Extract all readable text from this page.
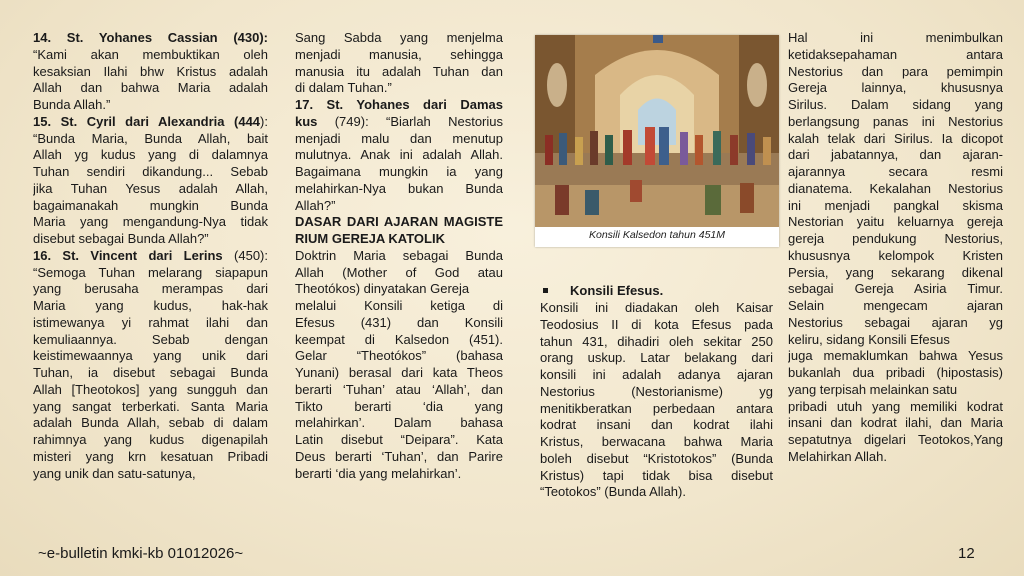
14. St. Yohanes Cassian (430):
“Kami akan membuktikan oleh
kesaksian Ilahi bhw Kristus adalah
Allah dan bahwa Maria adalah
Bunda Allah.”
15. St. Cyril dari Alexandria (444):
“Bunda Maria, Bunda Allah, bait
Allah yg kudus yang di dalamnya
Tuhan sendiri dikandung... Sebab
jika Tuhan Yesus adalah Allah,
bagaimanakah mungkin Bunda
Maria yang mengandung-Nya tidak
disebut sebagai Bunda Allah?”
16. St. Vincent dari Lerins (450):
“Semoga Tuhan melarang siapapun
yang berusaha merampas dari
Maria yang kudus, hak-hak
istimewanya yi rahmat ilahi dan
kemuliaannya. Sebab dengan
keistimewaannya yang unik dari
Tuhan, ia disebut sebagai Bunda
Allah [Theotokos] yang sungguh dan
yang sangat terberkati. Santa Maria
adalah Bunda Allah, sebab di dalam
rahimnya yang kudus digenapilah
misteri yang krn kesatuan Pribadi
yang unik dan satu-satunya,
Sang Sabda yang menjelma
menjadi manusia, sehingga
manusia itu adalah Tuhan dan
di dalam Tuhan.”
17. St. Yohanes dari Damas
kus (749): “Biarlah Nestorius
menjadi malu dan menutup
mulutnya. Anak ini adalah Allah.
Bagaimana mungkin ia yang
melahirkan-Nya bukan Bunda
Allah?”
DASAR DARI AJARAN MAGISTE
RIUM GEREJA KATOLIK
Doktrin Maria sebagai Bunda
Allah (Mother of God atau
Theotókos) dinyatakan Gereja
melalui Konsili ketiga di
Efesus (431) dan Konsili
keempat di Kalsedon (451).
Gelar “Theotókos” (bahasa
Yunani) berasal dari kata Theos
berarti ‘Tuhan’ atau ‘Allah’, dan
Tikto berarti ‘dia yang
melahirkan’. Dalam bahasa
Latin disebut “Deipara”. Kata
Deus berarti ‘Tuhan’, dan Parire
berarti ‘dia yang melahirkan’.
Konsili Kalsedon tahun 451M
Konsili Efesus.
Konsili ini diadakan oleh Kaisar
Teodosius II di kota Efesus pada
tahun 431, dihadiri oleh sekitar 250
orang uskup. Latar belakang dari
konsili ini adalah adanya ajaran
Nestorius (Nestorianisme) yg
menitikberatkan perbedaan antara
kodrat insani dan kodrat ilahi
Kristus, berwacana bahwa Maria
boleh disebut “Kristotokos” (Bunda
Kristus) tapi tidak bisa disebut
“Teotokos” (Bunda Allah).
Hal ini menimbulkan
ketidaksepahaman antara
Nestorius dan para pemimpin
Gereja lainnya, khususnya
Sirilus. Dalam sidang yang
berlangsung panas ini Nestorius
kalah telak dari Sirilus. Ia dicopot
dari jabatannya, dan ajaran-
ajarannya secara resmi
dianatema. Kekalahan Nestorius
ini menjadi pangkal skisma
Nestorian yaitu keluarnya gereja
gereja pendukung Nestorius,
khususnya kelompok Kristen
Persia, yang sekarang dikenal
sebagai Gereja Asiria Timur.
Selain mengecam ajaran
Nestorius sebagai ajaran yg
keliru, sidang Konsili Efesus
juga memaklumkan bahwa Yesus
bukanlah dua pribadi (hipostasis)
yang terpisah melainkan satu
pribadi utuh yang memiliki kodrat
insani dan kodrat ilahi, dan Maria
sepatutnya digelari Teotokos,Yang
Melahirkan Allah.
~e-bulletin kmki-kb 01012026~	12
